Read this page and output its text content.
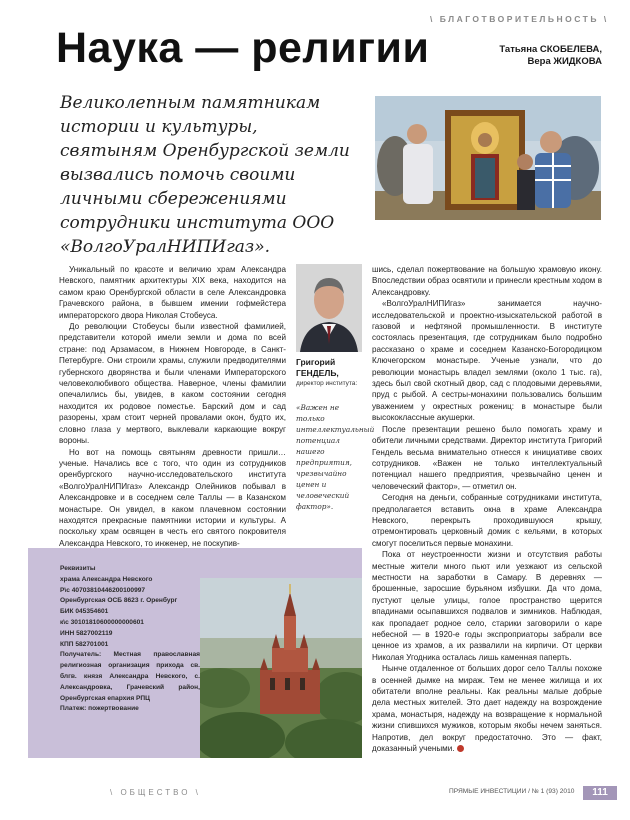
\ БЛАГОТВОРИТЕЛЬНОСТЬ \
Наука — религии	Татьяна СКОБЕЛЕВА,
Вера ЖИДКОВА

Великолепным памятникам истории и культуры, святыням Оренбургской земли вызвались помочь своими личными сбережениями сотрудники института ООО «ВолгоУралНИПИгаз».

Уникальный по красоте и величию храм Александра Невского, памятник архитектуры XIX века, находится на самом краю Оренбургской области в селе Александровка Грачевского района, в бывшем имении гофмейстера императорского двора Николая Стобеуса.

До революции Стобеусы были известной фамилией, представители которой имели земли и дома по всей стране: под Арзамасом, в Нижнем Новгороде, в Санкт-Петербурге. Они строили храмы, служили предводителями губернского дворянства и были членами Императорского человеколюбивого общества. Наверное, члены фамилии опечалились бы, увидев, в каком состоянии сегодня находится их родовое поместье. Барский дом и сад разорены, храм стоит черней провалами окон, будто их, словно глаза у мертвого, выклевали каркающие вокруг вороны.

Но вот на помощь святыням древности пришли… ученые. Начались все с того, что один из сотрудников оренбургского научно-исследовательского института «ВолгоУралНИПИгаз» Александр Олейников побывал в Александровке и в соседнем селе Таллы — в Казанском монастыре. Он увидел, в каком плачевном состоянии находятся прекрасные памятники истории и культуры. А поскольку храм освящен в честь его святого покровителя Александра Невского, то инженер, не поскупив-

Григорий ГЕНДЕЛЬ,
директор института:

«Важен не только интеллектуальный потенциал нашего предприятия, чрезвычайно ценен и человеческий фактор».

шись, сделал пожертвование на большую храмовую икону. Впоследствии образ освятили и принесли крестным ходом в Александровку.

«ВолгоУралНИПИгаз» занимается научно-исследовательской и проектно-изыскательской работой в газовой и нефтяной промышленности. В институте состоялась презентация, где сотрудникам было подробно рассказано о храме и соседнем Казанско-Богородицком Ключегорском монастыре. Ученые узнали, что до революции монастырь владел землями (около 1 тыс. га), здесь был свой скотный двор, сад с плодовыми деревьями, пруд с рыбой. А сестры-монахини пользовались большим уважением у окрестных рожениц: в монастыре были высококлассные акушерки.

После презентации решено было помогать храму и обители личными средствами. Директор института Григорий Гендель весьма внимательно отнесся к инициативе своих сотрудников. «Важен не только интеллектуальный потенциал нашего предприятия, чрезвычайно ценен и человеческий фактор», — отметил он.

Сегодня на деньги, собранные сотрудниками института, предполагается вставить окна в храме Александра Невского, перекрыть проходившуюся крышу, отремонтировать церковный домик с кельями, в которых смогут поселиться первые монахини.

Пока от неустроенности жизни и отсутствия работы местные жители много пьют или уезжают из сельской местности на заработки в Самару. В деревнях — брошенные, заросшие бурьяном избушки. Да что дома, пустуют целые улицы, голое пространство щерится впадинами осыпавшихся подвалов и зимников. Наблюдая, как пропадает родное село, старики заговорили о каре небесной — в 1920-е годы экспроприаторы забрали все ценное из храмов, а их развалили на кирпичи. От церкви Николая Угодника осталась лишь каменная паперть.

Нынче отдаленное от больших дорог село Таллы похоже в осенней дымке на мираж. Тем не менее жилища и их обитатели вполне реальны. Как реальны малые добрые дела местных жителей. Это дает надежду на возрождение храма, монастыря, надежду на возвращение к нормальной жизни спившихся мужиков, которым якобы нечем заняться. Напротив, дел вокруг предостаточно. Это — факт, доказанный учеными.

Реквизиты
храма Александра Невского
Р\с 40703810446200100997
Оренбургская ОСБ 8623 г. Оренбург
БИК 045354601
к\с 30101810600000000601
ИНН 5827002119
КПП 582701001
Получатель: Местная православная религиозная организация прихода св. блгв. князя Александра Невского, с. Александровка, Грачевский район, Оренбургская епархия РПЦ
Платеж: пожертвование
\ ОБЩЕСТВО \	ПРЯМЫЕ ИНВЕСТИЦИИ / № 1 (93) 2010	111
